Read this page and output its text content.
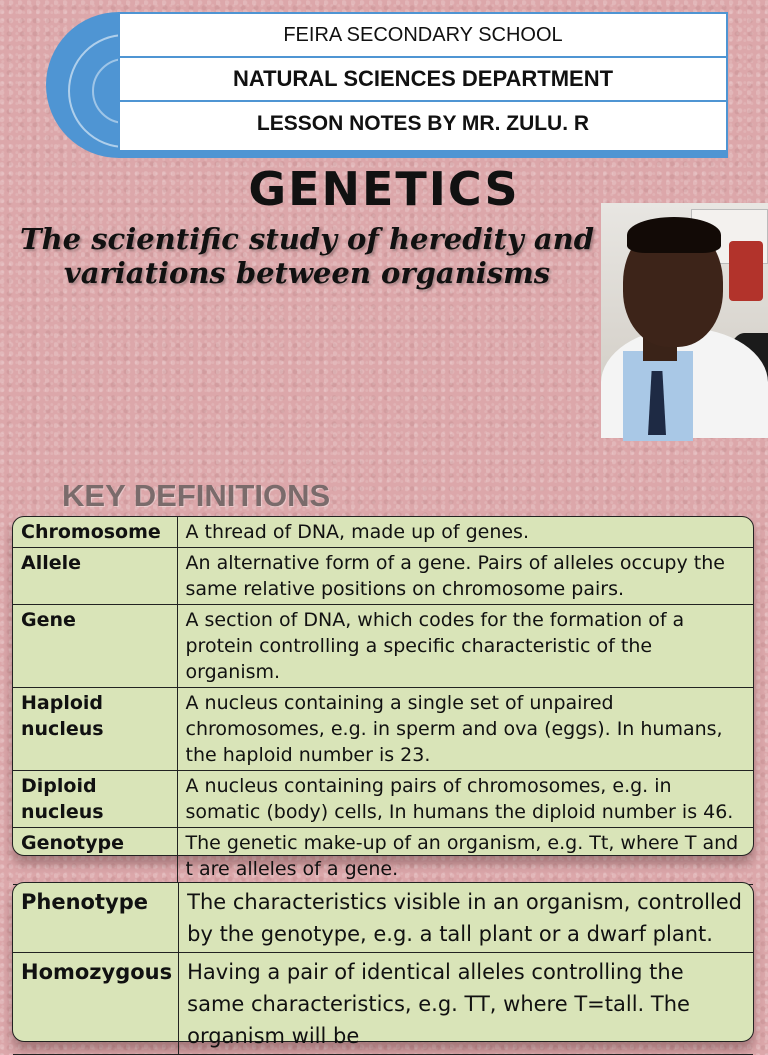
FEIRA SECONDARY SCHOOL
NATURAL SCIENCES DEPARTMENT
LESSON NOTES BY MR. ZULU. R
GENETICS
The scientific study of heredity and
variations between organisms
KEY DEFINITIONS
Chromosome	A thread of DNA, made up of genes.
Allele	An alternative form of a gene. Pairs of alleles occupy the same relative positions on chromosome pairs.
Gene	A section of DNA, which codes for the formation of a protein controlling a specific characteristic of the organism.
Haploid nucleus	A nucleus containing a single set of unpaired chromosomes, e.g. in sperm and ova (eggs). In humans, the haploid number is 23.
Diploid nucleus	A nucleus containing pairs of chromosomes, e.g. in somatic (body) cells, In humans the diploid number is 46.
Genotype	The genetic make-up of an organism, e.g. Tt, where T and t are alleles of a gene.
Phenotype	The characteristics visible in an organism, controlled by the genotype, e.g. a tall plant or a dwarf plant.
Homozygous	Having a pair of identical alleles controlling the same characteristics, e.g. TT, where T=tall. The organism will be
